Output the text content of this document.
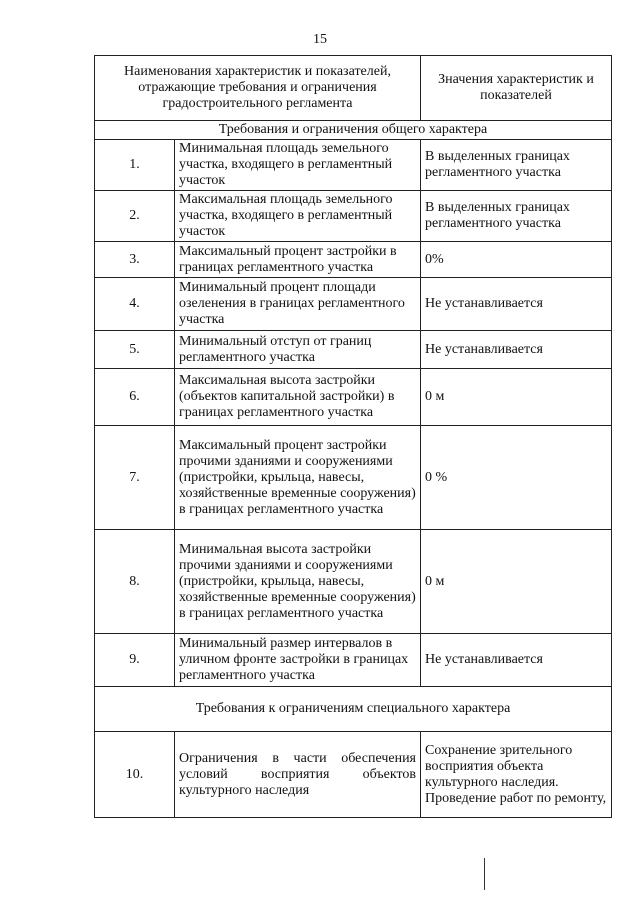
15
Наименования характеристик и показателей, отражающие требования и ограничения градостроительного регламента		Значения характеристик и показателей
Требования и ограничения общего характера		
1.	Минимальная площадь земельного участка, входящего в регламентный участок	В выделенных границах регламентного участка
2.	Максимальная площадь земельного участка, входящего в регламентный участок	В выделенных границах регламентного участка
3.	Максимальный процент застройки в границах регламентного участка	0%
4.	Минимальный процент площади озеленения в границах регламентного участка	Не устанавливается
5.	Минимальный отступ от границ регламентного участка	Не устанавливается
6.	Максимальная высота застройки (объектов капитальной застройки) в границах регламентного участка	0 м
7.	Максимальный процент застройки прочими зданиями и сооружениями (пристройки, крыльца, навесы, хозяйственные временные сооружения) в границах регламентного участка	0 %
8.	Минимальная высота застройки прочими зданиями и сооружениями (пристройки, крыльца, навесы, хозяйственные временные сооружения) в границах регламентного участка	0 м
9.	Минимальный размер интервалов в уличном фронте застройки в границах регламентного участка	Не устанавливается
Требования к ограничениям специального характера		
10.	Ограничения в части обеспечения условий восприятия объектов культурного наследия	Сохранение зрительного восприятия объекта культурного наследия. Проведение работ по ремонту,
